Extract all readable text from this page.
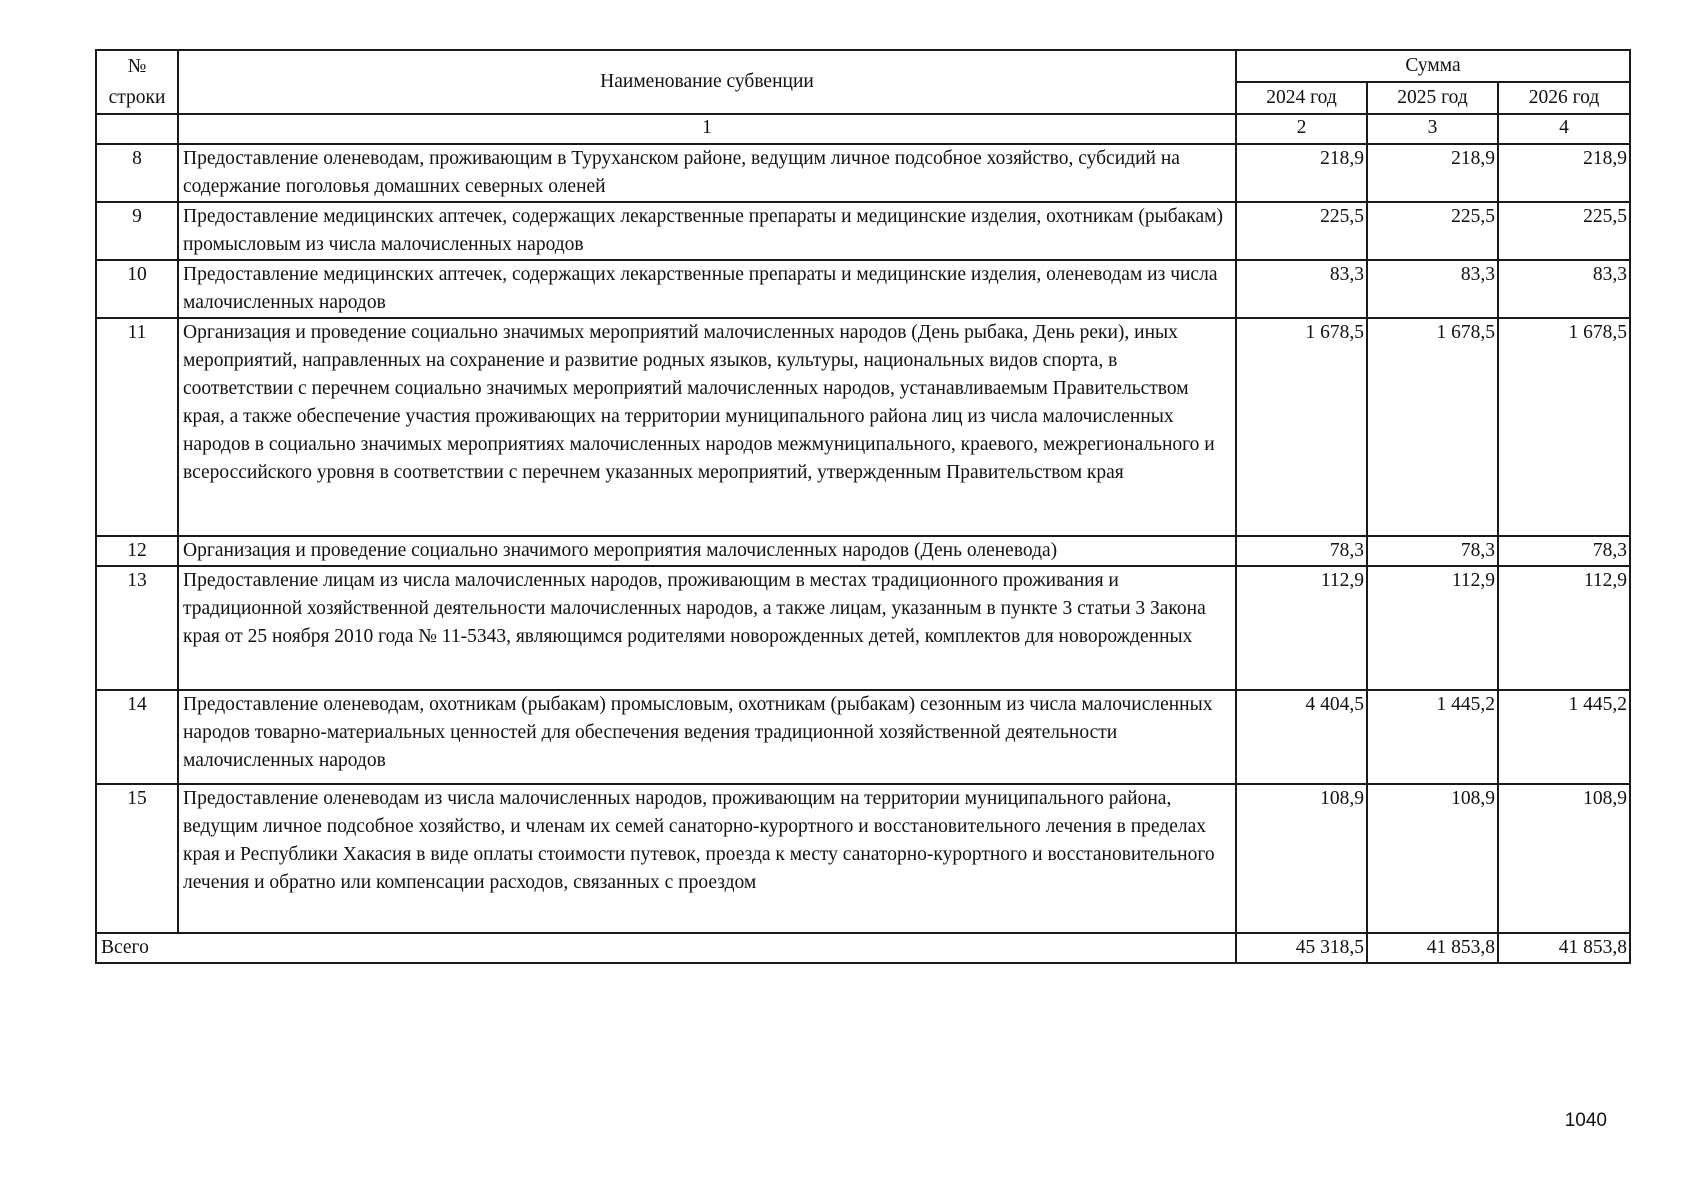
№ строки	Наименование субвенции	Сумма		
		2024 год	2025 год	2026 год
	1	2	3	4
8	Предоставление оленеводам, проживающим в Туруханском районе, ведущим личное подсобное хозяйство, субсидий на содержание поголовья домашних северных оленей	218,9	218,9	218,9
9	Предоставление медицинских аптечек, содержащих лекарственные препараты и медицинские изделия, охотникам (рыбакам) промысловым из числа малочисленных народов	225,5	225,5	225,5
10	Предоставление медицинских аптечек, содержащих лекарственные препараты и медицинские изделия, оленеводам из числа малочисленных народов	83,3	83,3	83,3
11	Организация и проведение социально значимых мероприятий малочисленных народов (День рыбака, День реки), иных мероприятий, направленных на сохранение и развитие родных языков, культуры, национальных видов спорта, в соответствии с перечнем социально значимых мероприятий малочисленных народов, устанавливаемым Правительством края, а также обеспечение участия проживающих на территории муниципального района лиц из числа малочисленных народов в социально значимых мероприятиях малочисленных народов межмуниципального, краевого, межрегионального и всероссийского уровня в соответствии с перечнем указанных мероприятий, утвержденным Правительством края	1 678,5	1 678,5	1 678,5
12	Организация и проведение социально значимого мероприятия малочисленных народов (День оленевода)	78,3	78,3	78,3
13	Предоставление лицам из числа малочисленных народов, проживающим в местах традиционного проживания и традиционной хозяйственной деятельности малочисленных народов, а также лицам, указанным в пункте 3 статьи 3 Закона края от 25 ноября 2010 года № 11-5343, являющимся родителями новорожденных детей, комплектов для новорожденных	112,9	112,9	112,9
14	Предоставление оленеводам, охотникам (рыбакам) промысловым, охотникам (рыбакам) сезонным из числа малочисленных народов товарно-материальных ценностей для обеспечения ведения традиционной хозяйственной деятельности малочисленных народов	4 404,5	1 445,2	1 445,2
15	Предоставление оленеводам из числа малочисленных народов, проживающим на территории муниципального района, ведущим личное подсобное хозяйство, и членам их семей санаторно-курортного и восстановительного лечения в пределах края и Республики Хакасия в виде оплаты стоимости путевок, проезда к месту санаторно-курортного и восстановительного лечения и обратно или компенсации расходов, связанных с проездом	108,9	108,9	108,9
Всего		45 318,5	41 853,8	41 853,8
1040
